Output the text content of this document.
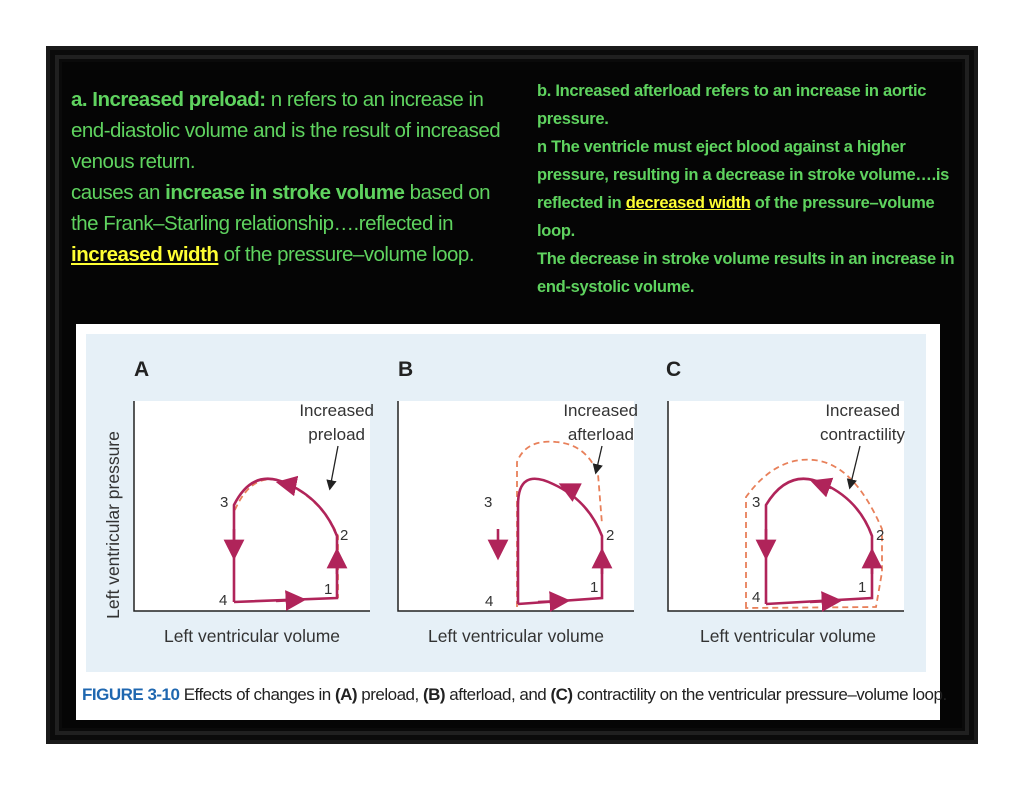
a. Increased preload: n refers to an increase in end-diastolic volume and is the result of increased venous return.
causes an increase in stroke volume based on the Frank–Starling relationship….reflected in increased width of the pressure–volume loop.
b. Increased afterload refers to an increase in aortic pressure.
n The ventricle must eject blood against a higher pressure, resulting in a decrease in stroke volume….is reflected in decreased width of the pressure–volume loop.
The decrease in stroke volume results in an increase in end-systolic volume.
Left ventricular pressure
A
1
2
3
4
Increased
preload
Left ventricular volume
B
1
2
3
4
Increased
afterload
Left ventricular volume
C
1
2
3
4
Increased
contractility
Left ventricular volume
FIGURE 3-10 Effects of changes in (A) preload, (B) afterload, and (C) contractility on the ventricular pressure–volume loop.
